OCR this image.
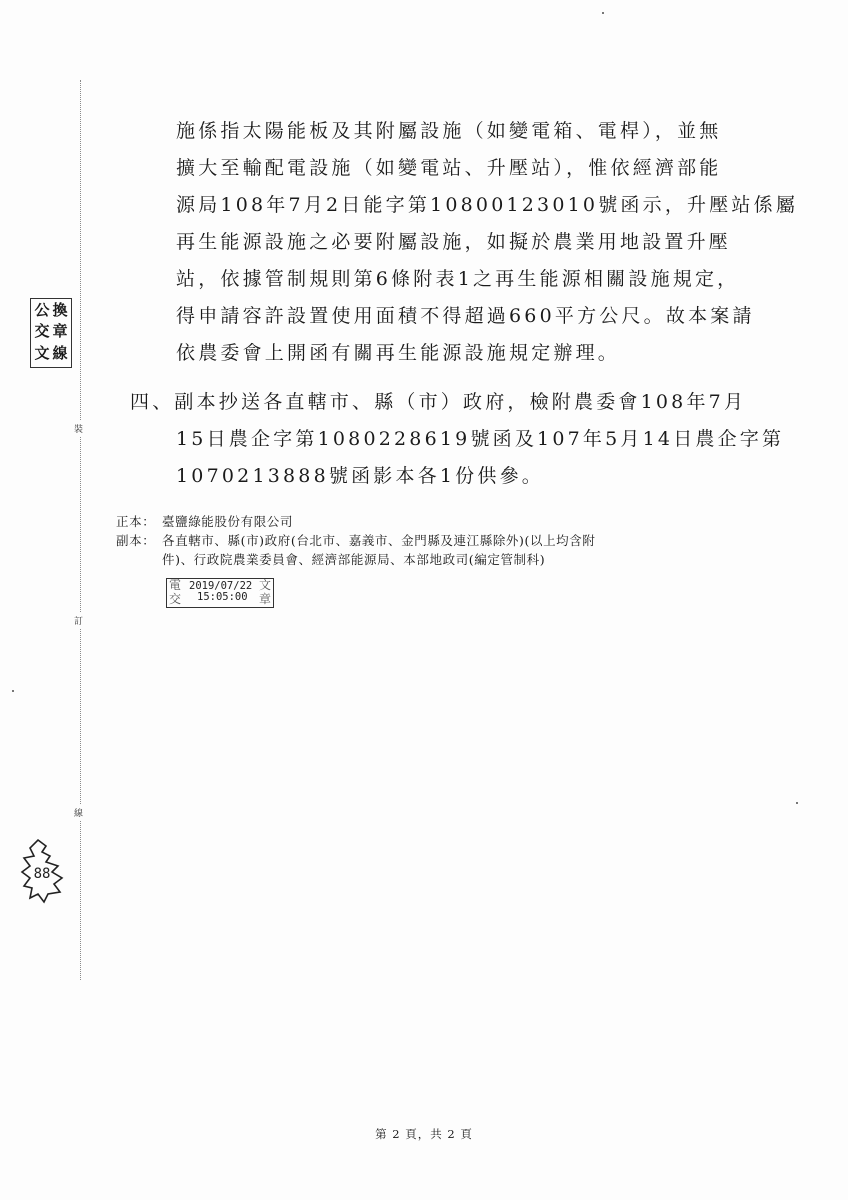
裝
訂
線
公 換
交 章
文 線
88
施係指太陽能板及其附屬設施（如變電箱、電桿），並無
擴大至輸配電設施（如變電站、升壓站），惟依經濟部能
源局108年7月2日能字第10800123010號函示，升壓站係屬
再生能源設施之必要附屬設施，如擬於農業用地設置升壓
站，依據管制規則第6條附表1之再生能源相關設施規定，
得申請容許設置使用面積不得超過660平方公尺。故本案請
依農委會上開函有關再生能源設施規定辦理。
四、副本抄送各直轄市、縣（市）政府，檢附農委會108年7月
15日農企字第1080228619號函及107年5月14日農企字第
1070213888號函影本各1份供參。
正本： 臺鹽綠能股份有限公司
副本： 各直轄市、縣(市)政府(台北市、嘉義市、金門縣及連江縣除外)(以上均含附
件)、行政院農業委員會、經濟部能源局、本部地政司(編定管制科)
電
交
文
章
2019/07/22
15:05:00
第 2 頁，共 2 頁
